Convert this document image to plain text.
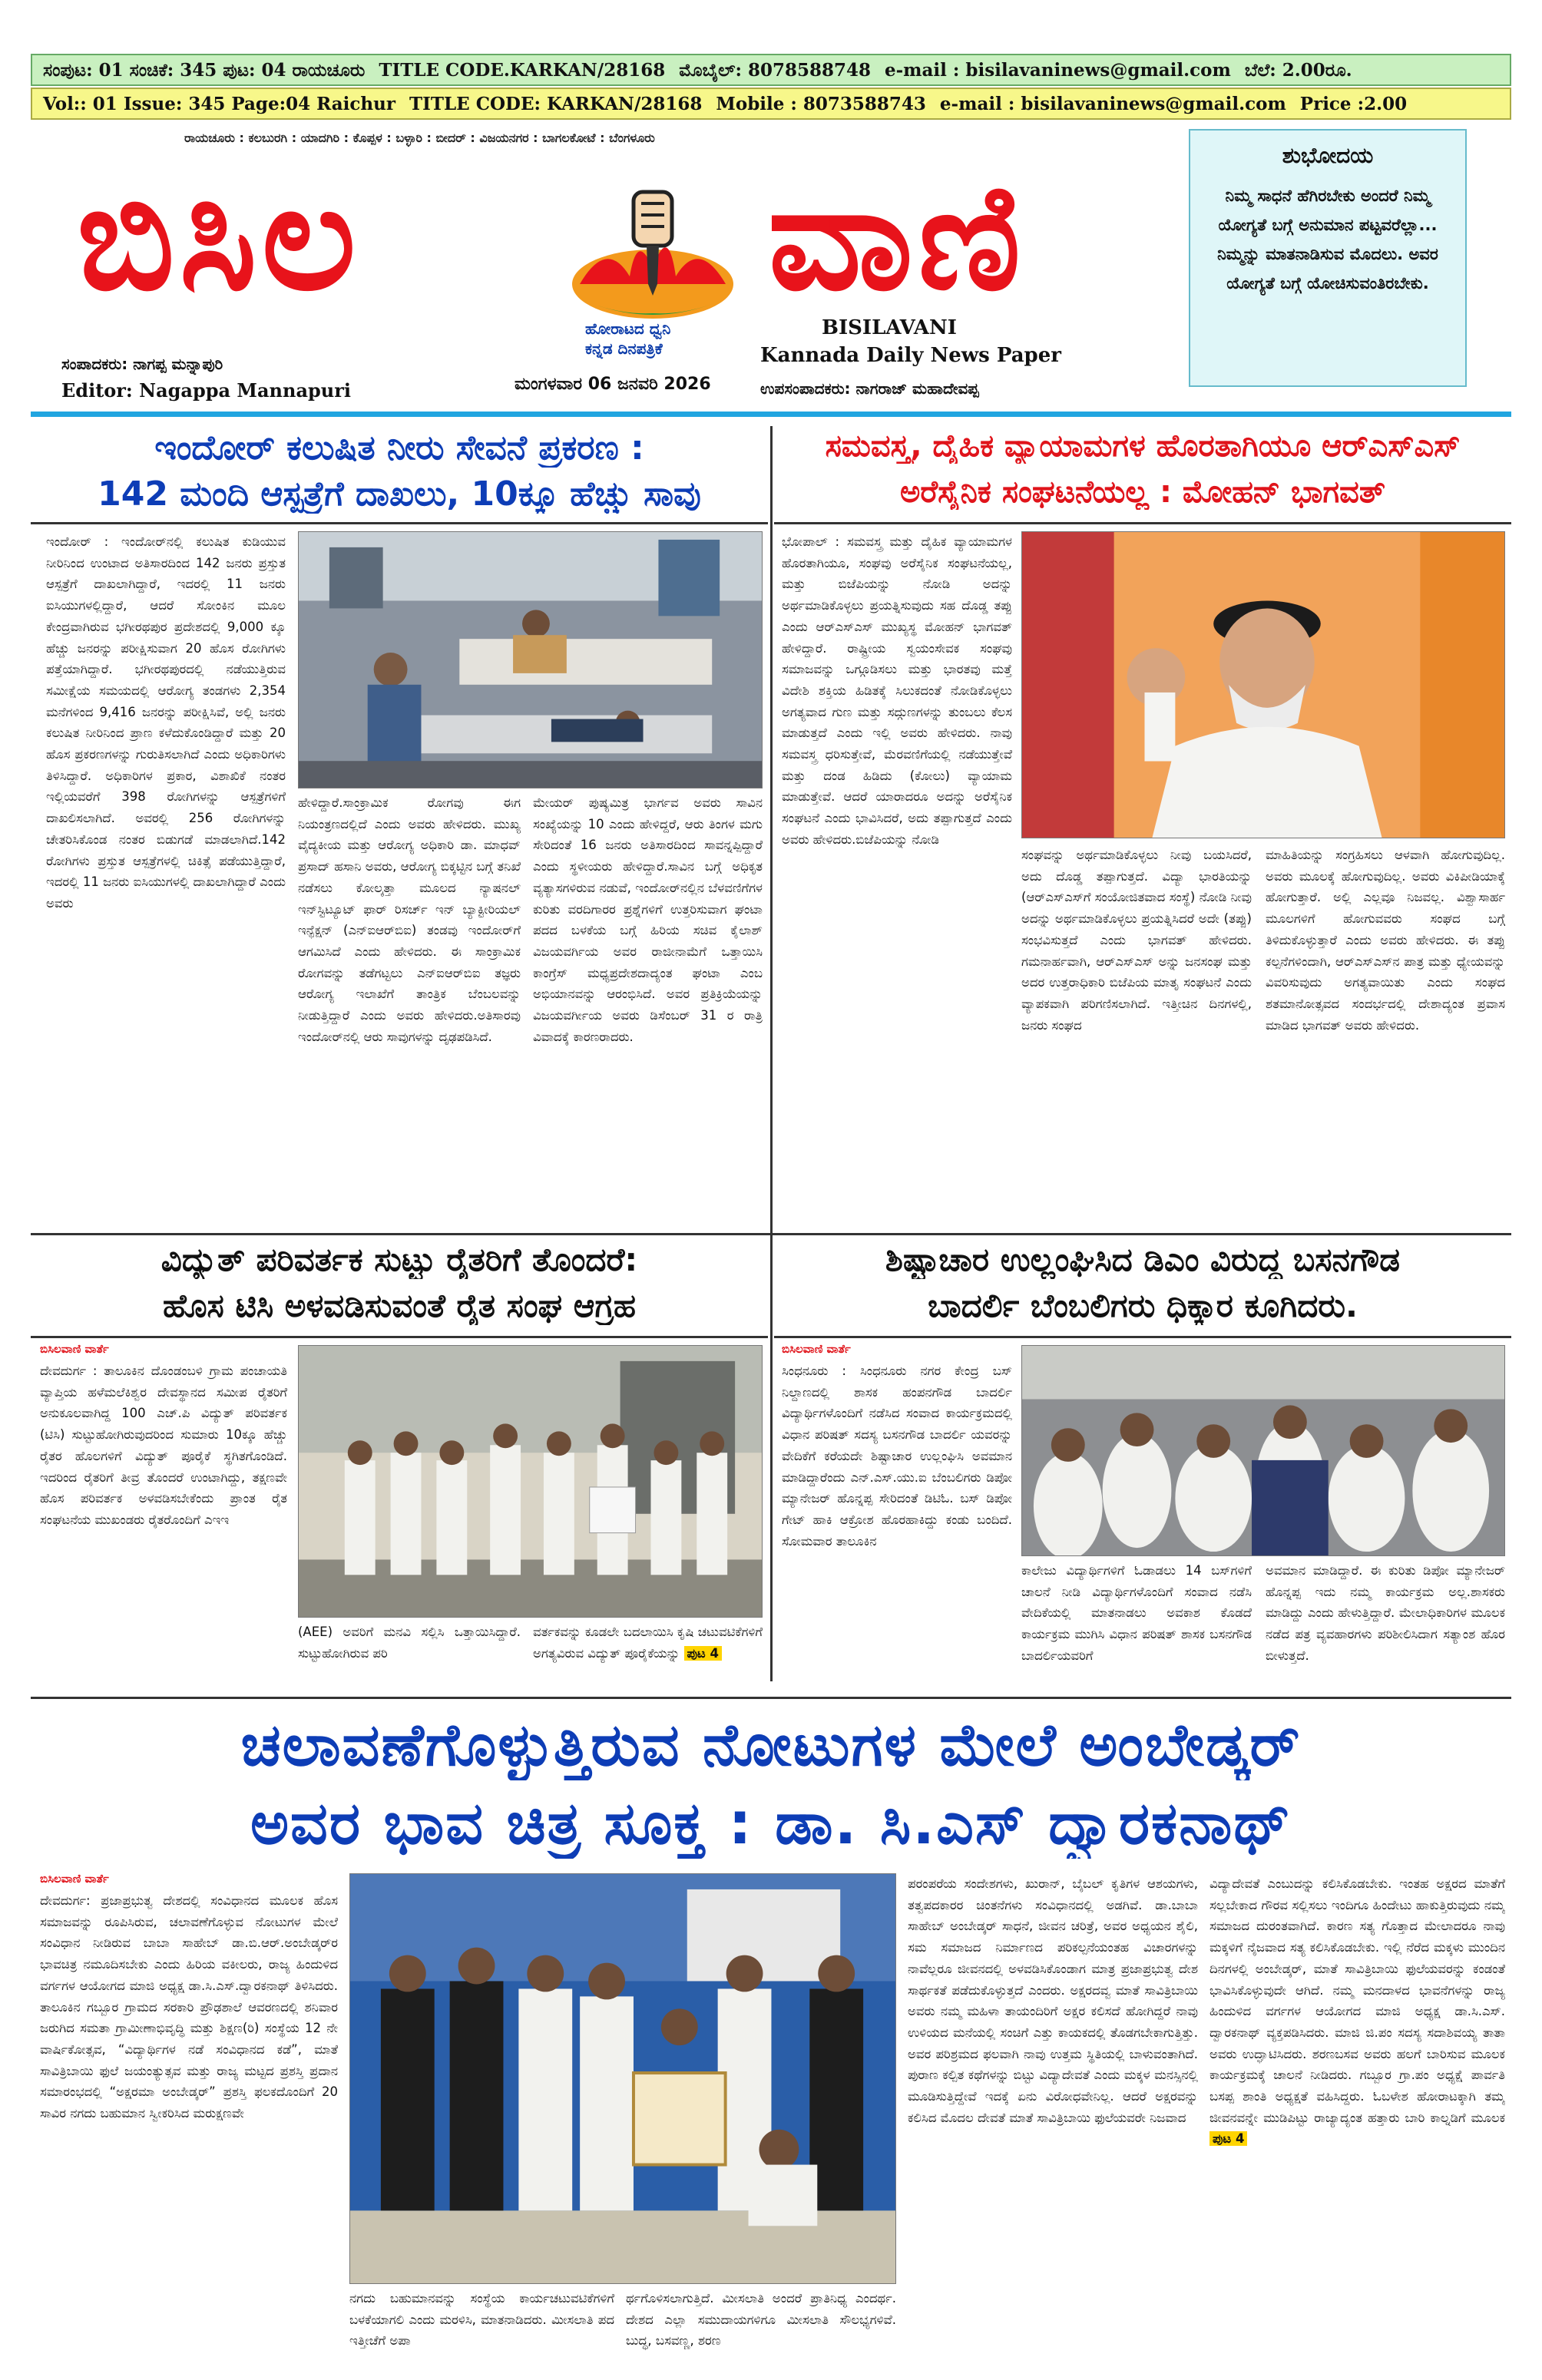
ಸಂಪುಟ: 01 ಸಂಚಿಕೆ: 345 ಪುಟ: 04 ರಾಯಚೂರು TITLE CODE.KARKAN/28168 ಮೊಬೈಲ್: 8078588748 e-mail : bisilavaninews@gmail.com ಬೆಲೆ: 2.00ರೂ.
Vol:: 01 Issue: 345 Page:04 Raichur TITLE CODE: KARKAN/28168 Mobile : 8073588743 e-mail : bisilavaninews@gmail.com Price :2.00
ರಾಯಚೂರು : ಕಲಬುರಗಿ : ಯಾದಗಿರಿ : ಕೊಪ್ಪಳ : ಬಳ್ಳಾರಿ : ಬೀದರ್ : ವಿಜಯನಗರ : ಬಾಗಲಕೋಟೆ : ಬೆಂಗಳೂರು
ಬಿಸಿಲ	ವಾಣಿ
ಹೋರಾಟದ ಧ್ವನಿ
ಕನ್ನಡ ದಿನಪತ್ರಿಕೆ
BISILAVANI
Kannada Daily News Paper
ಸಂಪಾದಕರು: ನಾಗಪ್ಪ ಮನ್ನಾಪುರಿ
Editor: Nagappa Mannapuri	ಮಂಗಳವಾರ 06 ಜನವರಿ 2026	ಉಪಸಂಪಾದಕರು: ನಾಗರಾಜ್ ಮಹಾದೇವಪ್ಪ
ಶುಭೋದಯ
ನಿಮ್ಮ ಸಾಧನೆ ಹೆಗಿರಬೇಕು ಅಂದರೆ ನಿಮ್ಮ ಯೋಗ್ಯತೆ ಬಗ್ಗೆ ಅನುಮಾನ ಪಟ್ಟವರೆಲ್ಲಾ... ನಿಮ್ಮನ್ನು ಮಾತನಾಡಿಸುವ ಮೊದಲು. ಅವರ ಯೋಗ್ಯತೆ ಬಗ್ಗೆ ಯೋಚಿಸುವಂತಿರಬೇಕು.
ಇಂದೋರ್ ಕಲುಷಿತ ನೀರು ಸೇವನೆ ಪ್ರಕರಣ :
142 ಮಂದಿ ಆಸ್ಪತ್ರೆಗೆ ದಾಖಲು, 10ಕ್ಕೂ ಹೆಚ್ಚು ಸಾವು
ಇಂದೋರ್ : ಇಂದೋರ್‌ನಲ್ಲಿ ಕಲುಷಿತ ಕುಡಿಯುವ ನೀರಿನಿಂದ ಉಂಟಾದ ಅತಿಸಾರದಿಂದ 142 ಜನರು ಪ್ರಸ್ತುತ ಆಸ್ಪತ್ರೆಗೆ ದಾಖಲಾಗಿದ್ದಾರೆ, ಇದರಲ್ಲಿ 11 ಜನರು ಐಸಿಯುಗಳಲ್ಲಿದ್ದಾರೆ, ಆದರೆ ಸೋಂಕಿನ ಮೂಲ ಕೇಂದ್ರವಾಗಿರುವ ಭಗೀರಥಪುರ ಪ್ರದೇಶದಲ್ಲಿ 9,000 ಕ್ಕೂ ಹೆಚ್ಚು ಜನರನ್ನು ಪರೀಕ್ಷಿಸುವಾಗ 20 ಹೊಸ ರೋಗಿಗಳು ಪತ್ತೆಯಾಗಿದ್ದಾರೆ. ಭಗೀರಥಪುರದಲ್ಲಿ ನಡೆಯುತ್ತಿರುವ ಸಮೀಕ್ಷೆಯ ಸಮಯದಲ್ಲಿ ಆರೋಗ್ಯ ತಂಡಗಳು 2,354 ಮನೆಗಳಿಂದ 9,416 ಜನರನ್ನು ಪರೀಕ್ಷಿಸಿವೆ, ಅಲ್ಲಿ ಜನರು ಕಲುಷಿತ ನೀರಿನಿಂದ ಪ್ರಾಣ ಕಳೆದುಕೊಂಡಿದ್ದಾರೆ ಮತ್ತು 20 ಹೊಸ ಪ್ರಕರಣಗಳನ್ನು ಗುರುತಿಸಲಾಗಿದೆ ಎಂದು ಅಧಿಕಾರಿಗಳು ತಿಳಿಸಿದ್ದಾರೆ. ಅಧಿಕಾರಿಗಳ ಪ್ರಕಾರ, ವಿಶಾಖಿಕೆ ನಂತರ ಇಲ್ಲಿಯವರೆಗೆ 398 ರೋಗಿಗಳನ್ನು ಆಸ್ಪತ್ರೆಗಳಿಗೆ ದಾಖಲಿಸಲಾಗಿದೆ. ಅವರಲ್ಲಿ 256 ರೋಗಿಗಳನ್ನು ಚೇತರಿಸಿಕೊಂಡ ನಂತರ ಬಿಡುಗಡೆ ಮಾಡಲಾಗಿದೆ.142 ರೋಗಿಗಳು ಪ್ರಸ್ತುತ ಆಸ್ಪತ್ರೆಗಳಲ್ಲಿ ಚಿಕಿತ್ಸೆ ಪಡೆಯುತ್ತಿದ್ದಾರೆ, ಇದರಲ್ಲಿ 11 ಜನರು ಐಸಿಯುಗಳಲ್ಲಿ ದಾಖಲಾಗಿದ್ದಾರೆ ಎಂದು ಅವರು
ಹೇಳಿದ್ದಾರೆ.ಸಾಂಕ್ರಾಮಿಕ ರೋಗವು ಈಗ ನಿಯಂತ್ರಣದಲ್ಲಿದೆ ಎಂದು ಅವರು ಹೇಳಿದರು. ಮುಖ್ಯ ವೈದ್ಯಕೀಯ ಮತ್ತು ಆರೋಗ್ಯ ಅಧಿಕಾರಿ ಡಾ. ಮಾಧವ್ ಪ್ರಸಾದ್ ಹಸಾನಿ ಅವರು, ಆರೋಗ್ಯ ಬಿಕ್ಕಟ್ಟಿನ ಬಗ್ಗೆ ತನಿಖೆ ನಡೆಸಲು ಕೋಲ್ಕತ್ತಾ ಮೂಲದ ನ್ಯಾಷನಲ್ ಇನ್‌ಸ್ಟಿಟ್ಯೂಟ್ ಫಾರ್ ರಿಸರ್ಚ್ ಇನ್ ಬ್ಯಾಕ್ಟೀರಿಯಲ್ ಇನ್ಫೆಕ್ಷನ್ (ಎನ್‌ಐಆರ್‌ಬಿಐ) ತಂಡವು ಇಂದೋರ್‌ಗೆ ಆಗಮಿಸಿದೆ ಎಂದು ಹೇಳಿದರು. ಈ ಸಾಂಕ್ರಾಮಿಕ ರೋಗವನ್ನು ತಡೆಗಟ್ಟಲು ಎನ್‌ಐಆರ್‌ಬಿಐ ತಜ್ಞರು ಆರೋಗ್ಯ ಇಲಾಖೆಗೆ ತಾಂತ್ರಿಕ ಬೆಂಬಲವನ್ನು ನೀಡುತ್ತಿದ್ದಾರೆ ಎಂದು ಅವರು ಹೇಳಿದರು.ಅತಿಸಾರವು ಇಂದೋರ್‌ನಲ್ಲಿ ಆರು ಸಾವುಗಳನ್ನು ದೃಢಪಡಿಸಿದೆ.
ಮೇಯರ್ ಪುಷ್ಯಮಿತ್ರ ಭಾರ್ಗವ ಅವರು ಸಾವಿನ ಸಂಖ್ಯೆಯನ್ನು 10 ಎಂದು ಹೇಳಿದ್ದರೆ, ಆರು ತಿಂಗಳ ಮಗು ಸೇರಿದಂತೆ 16 ಜನರು ಅತಿಸಾರದಿಂದ ಸಾವನ್ನಪ್ಪಿದ್ದಾರೆ ಎಂದು ಸ್ಥಳೀಯರು ಹೇಳಿದ್ದಾರೆ.ಸಾವಿನ ಬಗ್ಗೆ ಅಧಿಕೃತ ವ್ಯತ್ಯಾಸಗಳಿರುವ ನಡುವೆ, ಇಂದೋರ್‌ನಲ್ಲಿನ ಬೆಳವಣಿಗೆಗಳ ಕುರಿತು ವರದಿಗಾರರ ಪ್ರಶ್ನೆಗಳಿಗೆ ಉತ್ತರಿಸುವಾಗ ಘಂಟಾ ಪದದ ಬಳಕೆಯ ಬಗ್ಗೆ ಹಿರಿಯ ಸಚಿವ ಕೈಲಾಶ್ ವಿಜಯವರ್ಗಿಯ ಅವರ ರಾಜೀನಾಮೆಗೆ ಒತ್ತಾಯಿಸಿ ಕಾಂಗ್ರೆಸ್ ಮಧ್ಯಪ್ರದೇಶದಾದ್ಯಂತ ಘಂಟಾ ಎಂಬ ಅಭಿಯಾನವನ್ನು ಆರಂಭಿಸಿದೆ. ಅವರ ಪ್ರತಿಕ್ರಿಯೆಯನ್ನು ವಿಜಯವರ್ಗೀಯ ಅವರು ಡಿಸೆಂಬರ್ 31 ರ ರಾತ್ರಿ ವಿವಾದಕ್ಕೆ ಕಾರಣರಾದರು.
ಸಮವಸ್ತ್ರ, ದೈಹಿಕ ವ್ಯಾಯಾಮಗಳ ಹೊರತಾಗಿಯೂ ಆರ್‌ಎಸ್‌ಎಸ್
ಅರೆಸೈನಿಕ ಸಂಘಟನೆಯಲ್ಲ : ಮೋಹನ್ ಭಾಗವತ್
ಭೋಪಾಲ್ : ಸಮವಸ್ತ್ರ ಮತ್ತು ದೈಹಿಕ ವ್ಯಾಯಾಮಗಳ ಹೊರತಾಗಿಯೂ, ಸಂಘವು ಅರೆಸೈನಿಕ ಸಂಘಟನೆಯಲ್ಲ, ಮತ್ತು ಬಿಜೆಪಿಯನ್ನು ನೋಡಿ ಅದನ್ನು ಅರ್ಥಮಾಡಿಕೊಳ್ಳಲು ಪ್ರಯತ್ನಿಸುವುದು ಸಹ ದೊಡ್ಡ ತಪ್ಪು ಎಂದು ಆರ್‌ಎಸ್‌ಎಸ್ ಮುಖ್ಯಸ್ಥ ಮೋಹನ್ ಭಾಗವತ್ ಹೇಳಿದ್ದಾರೆ. ರಾಷ್ಟ್ರೀಯ ಸ್ವಯಂಸೇವಕ ಸಂಘವು ಸಮಾಜವನ್ನು ಒಗ್ಗೂಡಿಸಲು ಮತ್ತು ಭಾರತವು ಮತ್ತೆ ವಿದೇಶಿ ಶಕ್ತಿಯ ಹಿಡಿತಕ್ಕೆ ಸಿಲುಕದಂತೆ ನೋಡಿಕೊಳ್ಳಲು ಅಗತ್ಯವಾದ ಗುಣ ಮತ್ತು ಸದ್ಗುಣಗಳನ್ನು ತುಂಬಲು ಕೆಲಸ ಮಾಡುತ್ತದೆ ಎಂದು ಇಲ್ಲಿ ಅವರು ಹೇಳಿದರು. ನಾವು ಸಮವಸ್ತ್ರ ಧರಿಸುತ್ತೇವೆ, ಮೆರವಣಿಗೆಯಲ್ಲಿ ನಡೆಯುತ್ತೇವೆ ಮತ್ತು ದಂಡ ಹಿಡಿದು (ಕೋಲು) ವ್ಯಾಯಾಮ ಮಾಡುತ್ತೇವೆ. ಆದರೆ ಯಾರಾದರೂ ಅದನ್ನು ಅರೆಸೈನಿಕ ಸಂಘಟನೆ ಎಂದು ಭಾವಿಸಿದರೆ, ಅದು ತಪ್ಪಾಗುತ್ತದೆ ಎಂದು ಅವರು ಹೇಳಿದರು.ಬಿಜೆಪಿಯನ್ನು ನೋಡಿ
ಸಂಘವನ್ನು ಅರ್ಥಮಾಡಿಕೊಳ್ಳಲು ನೀವು ಬಯಸಿದರೆ, ಅದು ದೊಡ್ಡ ತಪ್ಪಾಗುತ್ತದೆ. ವಿದ್ಯಾ ಭಾರತಿಯನ್ನು (ಆರ್‌ಎಸ್‌ಎಸ್‌ಗೆ ಸಂಯೋಜಿತವಾದ ಸಂಸ್ಥೆ) ನೋಡಿ ನೀವು ಅದನ್ನು ಅರ್ಥಮಾಡಿಕೊಳ್ಳಲು ಪ್ರಯತ್ನಿಸಿದರೆ ಅದೇ (ತಪ್ಪು) ಸಂಭವಿಸುತ್ತದೆ ಎಂದು ಭಾಗವತ್ ಹೇಳಿದರು. ಗಮನಾರ್ಹವಾಗಿ, ಆರ್‌ಎಸ್‌ಎಸ್ ಅನ್ನು ಜನಸಂಘ ಮತ್ತು ಅದರ ಉತ್ತರಾಧಿಕಾರಿ ಬಿಜೆಪಿಯ ಮಾತೃ ಸಂಘಟನೆ ಎಂದು ವ್ಯಾಪಕವಾಗಿ ಪರಿಗಣಿಸಲಾಗಿದೆ. ಇತ್ತೀಚಿನ ದಿನಗಳಲ್ಲಿ, ಜನರು ಸಂಘದ
ಮಾಹಿತಿಯನ್ನು ಸಂಗ್ರಹಿಸಲು ಆಳವಾಗಿ ಹೋಗುವುದಿಲ್ಲ. ಅವರು ಮೂಲಕ್ಕೆ ಹೋಗುವುದಿಲ್ಲ. ಅವರು ವಿಕಿಪೀಡಿಯಾಕ್ಕೆ ಹೋಗುತ್ತಾರೆ. ಅಲ್ಲಿ ಎಲ್ಲವೂ ನಿಜವಲ್ಲ. ವಿಶ್ವಾಸಾರ್ಹ ಮೂಲಗಳಿಗೆ ಹೋಗುವವರು ಸಂಘದ ಬಗ್ಗೆ ತಿಳಿದುಕೊಳ್ಳುತ್ತಾರೆ ಎಂದು ಅವರು ಹೇಳಿದರು. ಈ ತಪ್ಪು ಕಲ್ಪನೆಗಳಿಂದಾಗಿ, ಆರ್‌ಎಸ್‌ಎಸ್‌ನ ಪಾತ್ರ ಮತ್ತು ಧ್ಯೇಯವನ್ನು ವಿವರಿಸುವುದು ಅಗತ್ಯವಾಯಿತು ಎಂದು ಸಂಘದ ಶತಮಾನೋತ್ಸವದ ಸಂದರ್ಭದಲ್ಲಿ ದೇಶಾದ್ಯಂತ ಪ್ರವಾಸ ಮಾಡಿದ ಭಾಗವತ್ ಅವರು ಹೇಳಿದರು.
ವಿದ್ಯುತ್ ಪರಿವರ್ತಕ ಸುಟ್ಟು ರೈತರಿಗೆ ತೊಂದರೆ:
ಹೊಸ ಟಿಸಿ ಅಳವಡಿಸುವಂತೆ ರೈತ ಸಂಘ ಆಗ್ರಹ
ಬಿಸಿಲವಾಣಿ ವಾರ್ತೆ
ದೇವದುರ್ಗ : ತಾಲೂಕಿನ ದೊಂಡಂಬಳಿ ಗ್ರಾಮ ಪಂಚಾಯತಿ ವ್ಯಾಪ್ತಿಯ ಹಳೆಮಲೆಕಿಶ್ವರ ದೇವಸ್ಥಾನದ ಸಮೀಪ ರೈತರಿಗೆ ಅನುಕೂಲವಾಗಿದ್ದ 100 ಎಚ್.ಪಿ ವಿದ್ಯುತ್ ಪರಿವರ್ತಕ (ಟಿಸಿ) ಸುಟ್ಟುಹೋಗಿರುವುದರಿಂದ ಸುಮಾರು 10ಕ್ಕೂ ಹೆಚ್ಚು ರೈತರ ಹೊಲಗಳಿಗೆ ವಿದ್ಯುತ್ ಪೂರೈಕೆ ಸ್ಥಗಿತಗೊಂಡಿದೆ. ಇದರಿಂದ ರೈತರಿಗೆ ತೀವ್ರ ತೊಂದರೆ ಉಂಟಾಗಿದ್ದು, ತಕ್ಷಣವೇ ಹೊಸ ಪರಿವರ್ತಕ ಅಳವಡಿಸಬೇಕೆಂದು ಪ್ರಾಂತ ರೈತ ಸಂಘಟನೆಯ ಮುಖಂಡರು ರೈತರೊಂದಿಗೆ ಎಇಇ
(AEE) ಅವರಿಗೆ ಮನವಿ ಸಲ್ಲಿಸಿ ಒತ್ತಾಯಿಸಿದ್ದಾರೆ. ಸುಟ್ಟುಹೋಗಿರುವ ಪರಿ
ವರ್ತಕವನ್ನು ಕೂಡಲೇ ಬದಲಾಯಿಸಿ ಕೃಷಿ ಚಟುವಟಿಕೆಗಳಿಗೆ ಅಗತ್ಯವಿರುವ ವಿದ್ಯುತ್ ಪೂರೈಕೆಯನ್ನು ಪುಟ 4
ಶಿಷ್ಟಾಚಾರ ಉಲ್ಲಂಘಿಸಿದ ಡಿಎಂ ವಿರುದ್ಧ ಬಸನಗೌಡ
ಬಾದರ್ಲಿ ಬೆಂಬಲಿಗರು ಧಿಕ್ಕಾರ ಕೂಗಿದರು.
ಬಿಸಿಲವಾಣಿ ವಾರ್ತೆ
ಸಿಂಧನೂರು : ಸಿಂಧನೂರು ನಗರ ಕೇಂದ್ರ ಬಸ್ ನಿಲ್ದಾಣದಲ್ಲಿ ಶಾಸಕ ಹಂಪನಗೌಡ ಬಾದರ್ಲಿ ವಿದ್ಯಾರ್ಥಿಗಳೊಂದಿಗೆ ನಡೆಸಿದ ಸಂವಾದ ಕಾರ್ಯಕ್ರಮದಲ್ಲಿ ವಿಧಾನ ಪರಿಷತ್ ಸದಸ್ಯ ಬಸನಗೌಡ ಬಾದರ್ಲಿ ಯವರನ್ನು ವೇದಿಕೆಗೆ ಕರೆಯದೇ ಶಿಷ್ಟಾಚಾರ ಉಲ್ಲಂಘಿಸಿ ಅವಮಾನ ಮಾಡಿದ್ದಾರೆಂದು ಎನ್.ಎಸ್.ಯು.ಐ ಬೆಂಬಲಿಗರು ಡಿಪೋ ಮ್ಯಾನೇಜರ್ ಹೊನ್ನಪ್ಪ ಸೇರಿದಂತೆ ಡಿಟಿಓ. ಬಸ್ ಡಿಪೋ ಗೇಟ್ ಹಾಕಿ ಆಕ್ರೋಶ ಹೊರಹಾಕಿದ್ದು ಕಂಡು ಬಂದಿದೆ. ಸೋಮವಾರ ತಾಲೂಕಿನ
ಕಾಲೇಜು ವಿದ್ಯಾರ್ಥಿಗಳಿಗೆ ಓಡಾಡಲು 14 ಬಸ್‌ಗಳಿಗೆ ಚಾಲನೆ ನೀಡಿ ವಿದ್ಯಾರ್ಥಿಗಳೊಂದಿಗೆ ಸಂವಾದ ನಡೆಸಿ ವೇದಿಕೆಯಲ್ಲಿ ಮಾತನಾಡಲು ಅವಕಾಶ ಕೊಡದೆ ಕಾರ್ಯಕ್ರಮ ಮುಗಿಸಿ ವಿಧಾನ ಪರಿಷತ್ ಶಾಸಕ ಬಸನಗೌಡ ಬಾದರ್ಲಿಯವರಿಗೆ
ಅವಮಾನ ಮಾಡಿದ್ದಾರೆ. ಈ ಕುರಿತು ಡಿಪೋ ಮ್ಯಾನೇಜರ್ ಹೊನ್ನಪ್ಪ ಇದು ನಮ್ಮ ಕಾರ್ಯಕ್ರಮ ಅಲ್ಲ.ಶಾಸಕರು ಮಾಡಿದ್ದು ಎಂದು ಹೇಳುತ್ತಿದ್ದಾರೆ. ಮೇಲಾಧಿಕಾರಿಗಳ ಮೂಲಕ ನಡೆದ ಪತ್ರ ವ್ಯವಹಾರಗಳು ಪರಿಶೀಲಿಸಿದಾಗ ಸತ್ಯಾಂಶ ಹೊರ ಬೀಳುತ್ತದೆ.
ಚಲಾವಣೆಗೊಳ್ಳುತ್ತಿರುವ ನೋಟುಗಳ ಮೇಲೆ ಅಂಬೇಡ್ಕರ್
ಅವರ ಭಾವ ಚಿತ್ರ ಸೂಕ್ತ : ಡಾ. ಸಿ.ಎಸ್ ದ್ವಾರಕನಾಥ್
ಬಿಸಿಲವಾಣಿ ವಾರ್ತೆ
ದೇವದುರ್ಗ: ಪ್ರಜಾಪ್ರಭುತ್ವ ದೇಶದಲ್ಲಿ ಸಂವಿಧಾನದ ಮೂಲಕ ಹೊಸ ಸಮಾಜವನ್ನು ರೂಪಿಸಿರುವ, ಚಲಾವಣೆಗೊಳ್ಳುವ ನೋಟುಗಳ ಮೇಲೆ ಸಂವಿಧಾನ ನೀಡಿರುವ ಬಾಬಾ ಸಾಹೇಬ್ ಡಾ.ಬಿ.ಆರ್.ಅಂಬೇಡ್ಕರ್‌ರ ಭಾವಚಿತ್ರ ನಮೂದಿಸಬೇಕು ಎಂದು ಹಿರಿಯ ವಕೀಲರು, ರಾಜ್ಯ ಹಿಂದುಳಿದ ವರ್ಗಗಳ ಆಯೋಗದ ಮಾಜಿ ಅಧ್ಯಕ್ಷ ಡಾ.ಸಿ.ಎಸ್.ದ್ವಾರಕನಾಥ್ ತಿಳಿಸಿದರು. ತಾಲೂಕಿನ ಗಬ್ಬೂರ ಗ್ರಾಮದ ಸರಕಾರಿ ಪ್ರೌಢಶಾಲೆ ಆವರಣದಲ್ಲಿ ಶನಿವಾರ ಜರುಗಿದ ಸಮತಾ ಗ್ರಾಮೀಣಾಭಿವೃದ್ಧಿ ಮತ್ತು ಶಿಕ್ಷಣ(ರಿ) ಸಂಸ್ಥೆಯ 12 ನೇ ವಾರ್ಷಿಕೋತ್ಸವ, “ವಿದ್ಯಾರ್ಥಿಗಳ ನಡೆ ಸಂವಿಧಾನದ ಕಡೆ”, ಮಾತೆ ಸಾವಿತ್ರಿಬಾಯಿ ಫುಲೆ ಜಯಂತ್ಯುತ್ಸವ ಮತ್ತು ರಾಜ್ಯ ಮಟ್ಟದ ಪ್ರಶಸ್ತಿ ಪ್ರದಾನ ಸಮಾರಂಭದಲ್ಲಿ “ಅಕ್ಷರಮಾ ಅಂಬೇಡ್ಕರ್” ಪ್ರಶಸ್ತಿ ಫಲಕದೊಂದಿಗೆ 20 ಸಾವಿರ ನಗದು ಬಹುಮಾನ ಸ್ವೀಕರಿಸಿದ ಮರುಕ್ಷಣವೇ
ನಗದು ಬಹುಮಾನವನ್ನು ಸಂಸ್ಥೆಯ ಕಾರ್ಯಚಟುವಟಿಕೆಗಳಿಗೆ ಬಳಕೆಯಾಗಲಿ ಎಂದು ಮರಳಿಸಿ, ಮಾತನಾಡಿದರು. ಮೀಸಲಾತಿ ಪದ ಇತ್ತೀಚೆಗೆ ಅಪಾ
ರ್ಥಗೊಳಿಸಲಾಗುತ್ತಿದೆ. ಮೀಸಲಾತಿ ಅಂದರೆ ಪ್ರಾತಿನಿಧ್ಯ ಎಂದರ್ಥ. ದೇಶದ ಎಲ್ಲಾ ಸಮುದಾಯಗಳಿಗೂ ಮೀಸಲಾತಿ ಸೌಲಭ್ಯಗಳಿವೆ. ಬುದ್ಧ, ಬಸವಣ್ಣ, ಶರಣ
ಪರಂಪರೆಯ ಸಂದೇಶಗಳು, ಖುರಾನ್, ಬೈಬಲ್ ಕೃತಿಗಳ ಆಶಯಗಳು, ತತ್ವಪದಕಾರರ ಚಿಂತನೆಗಳು ಸಂವಿಧಾನದಲ್ಲಿ ಅಡಗಿವೆ. ಡಾ.ಬಾಬಾ ಸಾಹೇಬ್ ಅಂಬೇಡ್ಕರ್ ಸಾಧನೆ, ಜೀವನ ಚರಿತ್ರೆ, ಅವರ ಅಧ್ಯಯನ ಶೈಲಿ, ಸಮ ಸಮಾಜದ ನಿರ್ಮಾಣದ ಪರಿಕಲ್ಪನೆಯಂತಹ ವಿಚಾರಗಳನ್ನು ನಾವೆಲ್ಲರೂ ಜೀವನದಲ್ಲಿ ಅಳವಡಿಸಿಕೊಂಡಾಗ ಮಾತ್ರ ಪ್ರಜಾಪ್ರಭುತ್ವ ದೇಶ ಸಾರ್ಥಕತೆ ಪಡೆದುಕೊಳ್ಳುತ್ತದೆ ಎಂದರು. ಅಕ್ಷರದವ್ವ ಮಾತೆ ಸಾವಿತ್ರಿಬಾಯಿ ಅವರು ನಮ್ಮ ಮಹಿಳಾ ತಾಯಂದಿರಿಗೆ ಅಕ್ಷರ ಕಲಿಸದೆ ಹೋಗಿದ್ದರೆ ನಾವು ಉಳಿಯದ ಮನೆಯಲ್ಲಿ ಸಂಚಿಗೆ ಎತ್ತು ಕಾಯಕದಲ್ಲಿ ತೊಡಗಬೇಕಾಗುತ್ತಿತ್ತು. ಅವರ ಪರಿಶ್ರಮದ ಫಲವಾಗಿ ನಾವು ಉತ್ತಮ ಸ್ಥಿತಿಯಲ್ಲಿ ಬಾಳುವಂತಾಗಿದೆ. ಪುರಾಣ ಕಲ್ಪಿತ ಕಥೆಗಳನ್ನು ಬಿಟ್ಟು ವಿದ್ಯಾದೇವತೆ ಎಂದು ಮಕ್ಕಳ ಮನಸ್ಸಿನಲ್ಲಿ ಮೂಡಿಸುತ್ತಿದ್ದೇವೆ ಇದಕ್ಕೆ ಏನು ವಿರೋಧವೇನಿಲ್ಲ. ಆದರೆ ಅಕ್ಷರವನ್ನು ಕಲಿಸಿದ ಮೊದಲ ದೇವತೆ ಮಾತೆ ಸಾವಿತ್ರಿಬಾಯಿ ಫುಲೆಯವರೇ ನಿಜವಾದ
ವಿದ್ಯಾದೇವತೆ ಎಂಬುದನ್ನು ಕಲಿಸಿಕೊಡಬೇಕು. ಇಂತಹ ಅಕ್ಷರದ ಮಾತೆಗೆ ಸಲ್ಲಬೇಕಾದ ಗೌರವ ಸಲ್ಲಿಸಲು ಇಂದಿಗೂ ಹಿಂದೇಟು ಹಾಕುತ್ತಿರುವುದು ನಮ್ಮ ಸಮಾಜದ ದುರಂತವಾಗಿದೆ. ಕಾರಣ ಸತ್ಯ ಗೊತ್ತಾದ ಮೇಲಾದರೂ ನಾವು ಮಕ್ಕಳಿಗೆ ನೈಜವಾದ ಸತ್ಯ ಕಲಿಸಿಕೊಡಬೇಕು. ಇಲ್ಲಿ ನೆರೆದ ಮಕ್ಕಳು ಮುಂದಿನ ದಿನಗಳಲ್ಲಿ ಅಂಬೇಡ್ಕರ್, ಮಾತೆ ಸಾವಿತ್ರಿಬಾಯಿ ಫುಲೆಯವರನ್ನು ಕಂಡಂತೆ ಭಾವಿಸಿಕೊಳ್ಳುವುದೇ ಆಗಿದೆ. ನಮ್ಮ ಮನದಾಳದ ಭಾವನೆಗಳನ್ನು ರಾಜ್ಯ ಹಿಂದುಳಿದ ವರ್ಗಗಳ ಆಯೋಗದ ಮಾಜಿ ಅಧ್ಯಕ್ಷ ಡಾ.ಸಿ.ಎಸ್. ದ್ವಾರಕನಾಥ್ ವ್ಯಕ್ತಪಡಿಸಿದರು. ಮಾಜಿ ಜಿ.ಪಂ ಸದಸ್ಯ ಸದಾಶಿವಯ್ಯ ತಾತಾ ಅವರು ಉದ್ಘಾಟಿಸಿದರು. ಶರಣಬಸವ ಅವರು ಹಲಗೆ ಬಾರಿಸುವ ಮೂಲಕ ಕಾರ್ಯಕ್ರಮಕ್ಕೆ ಚಾಲನೆ ನೀಡಿದರು. ಗಬ್ಬೂರ ಗ್ರಾ.ಪಂ ಅಧ್ಯಕ್ಷೆ ಪಾರ್ವತಿ ಬಸಪ್ಪ ಶಾಂತಿ ಅಧ್ಯಕ್ಷತೆ ವಹಿಸಿದ್ದರು. ಓಬಳೇಶ ಹೋರಾಟಕ್ಕಾಗಿ ತಮ್ಮ ಜೀವನವನ್ನೇ ಮುಡಿಪಿಟ್ಟು ರಾಜ್ಯಾದ್ಯಂತ ಹತ್ತಾರು ಬಾರಿ ಕಾಲ್ನಡಿಗೆ ಮೂಲಕ ಪುಟ 4
